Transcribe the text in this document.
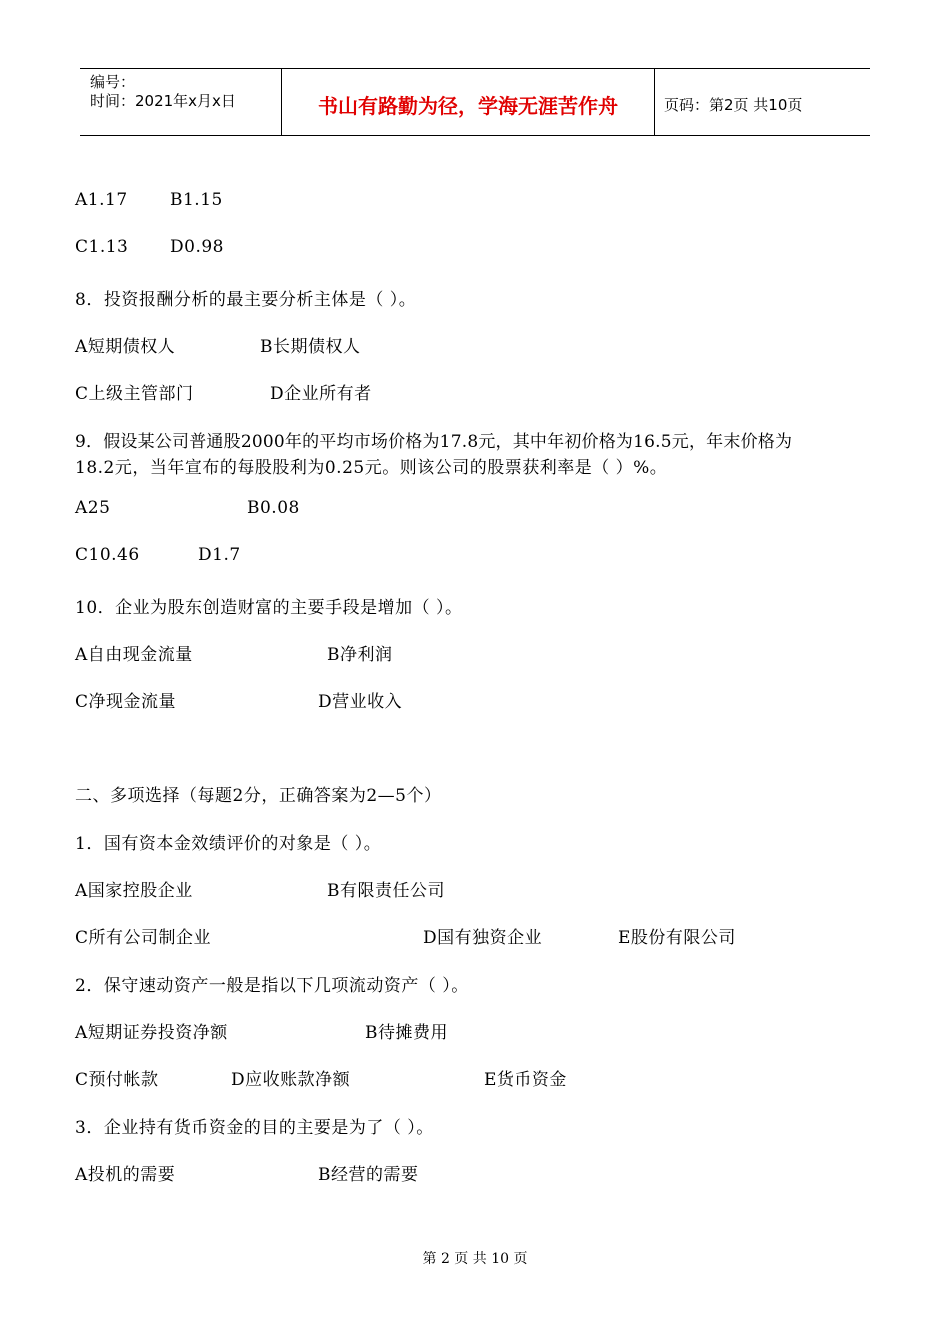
编号：
时间：2021年x月x日	书山有路勤为径，学海无涯苦作舟	页码：第2页 共10页
A1.17 B1.15
C1.13 D0.98
8．投资报酬分析的最主要分析主体是（ ）。
A短期债权人	B长期债权人
C上级主管部门	D企业所有者
9．假设某公司普通股2000年的平均市场价格为17.8元，其中年初价格为16.5元，年末价格为
18.2元，当年宣布的每股股利为0.25元。则该公司的股票获利率是（ ）%。
A25	B0.08
C10.46	D1.7
10．企业为股东创造财富的主要手段是增加（ ）。
A自由现金流量	B净利润
C净现金流量	D营业收入
二、多项选择（每题2分，正确答案为2—5个）
1．国有资本金效绩评价的对象是（ ）。
A国家控股企业	B有限责任公司
C所有公司制企业	D国有独资企业	E股份有限公司
2．保守速动资产一般是指以下几项流动资产（ ）。
A短期证券投资净额	B待摊费用
C预付帐款	D应收账款净额	E货币资金
3．企业持有货币资金的目的主要是为了（ ）。
A投机的需要	B经营的需要
第 2 页 共 10 页
